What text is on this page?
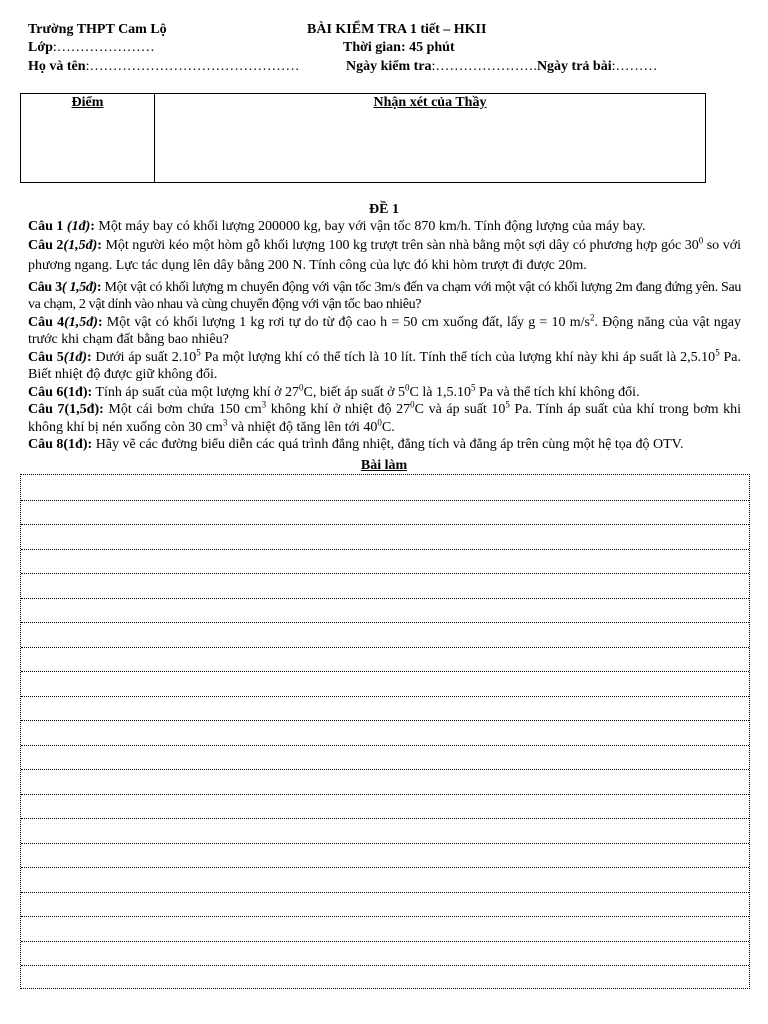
Trường THPT Cam Lộ	BÀI KIỂM TRA 1 tiết – HKII
Lớp:…………………	Thời gian: 45 phút
Họ và tên:………………………………………	Ngày kiểm tra:………………….Ngày trả bài:………
Điểm	Nhận xét của Thầy
ĐỀ 1

Câu 1 (1đ): Một máy bay có khối lượng 200000 kg, bay với vận tốc 870 km/h. Tính động lượng của máy bay.

Câu 2(1,5đ): Một người kéo một hòm gỗ khối lượng 100 kg trượt trên sàn nhà bằng một sợi dây có phương hợp góc $30^0$ so với phương ngang. Lực tác dụng lên dây bằng 200 N. Tính công của lực đó khi hòm trượt đi được 20m.

Câu 3( 1,5đ): Một vật có khối lượng m chuyển động với vận tốc 3m/s đến va chạm với một vật có khối lượng 2m đang đứng yên. Sau va chạm, 2 vật dính vào nhau và cùng chuyển động với vận tốc bao nhiêu?

Câu 4(1,5đ): Một vật có khối lượng 1 kg rơi tự do từ độ cao h = 50 cm xuống đất, lấy g = 10 $m/s^2$. Động năng của vật ngay trước khi chạm đất bằng bao nhiêu?

Câu 5(1đ): Dưới áp suất 2.10$^5$ Pa một lượng khí có thể tích là 10 lít. Tính thể tích của lượng khí này khi áp suất là 2,5.10$^5$ Pa. Biết nhiệt độ được giữ không đổi.

Câu 6(1đ): Tính áp suất của một lượng khí ở $27^0C$, biết áp suất ở $5^0C$ là 1,5.10$^5$ Pa và thể tích khí không đổi.

Câu 7(1,5đ): Một cái bơm chứa 150 $cm^3$ không khí ở nhiệt độ $27^0C$ và áp suất $10^5$ Pa. Tính áp suất của khí trong bơm khi không khí bị nén xuống còn 30 $cm^3$ và nhiệt độ tăng lên tới $40^0C$.

Câu 8(1đ): Hãy vẽ các đường biểu diễn các quá trình đẳng nhiệt, đẳng tích và đẳng áp trên cùng một hệ tọa độ OTV.

Bài làm
